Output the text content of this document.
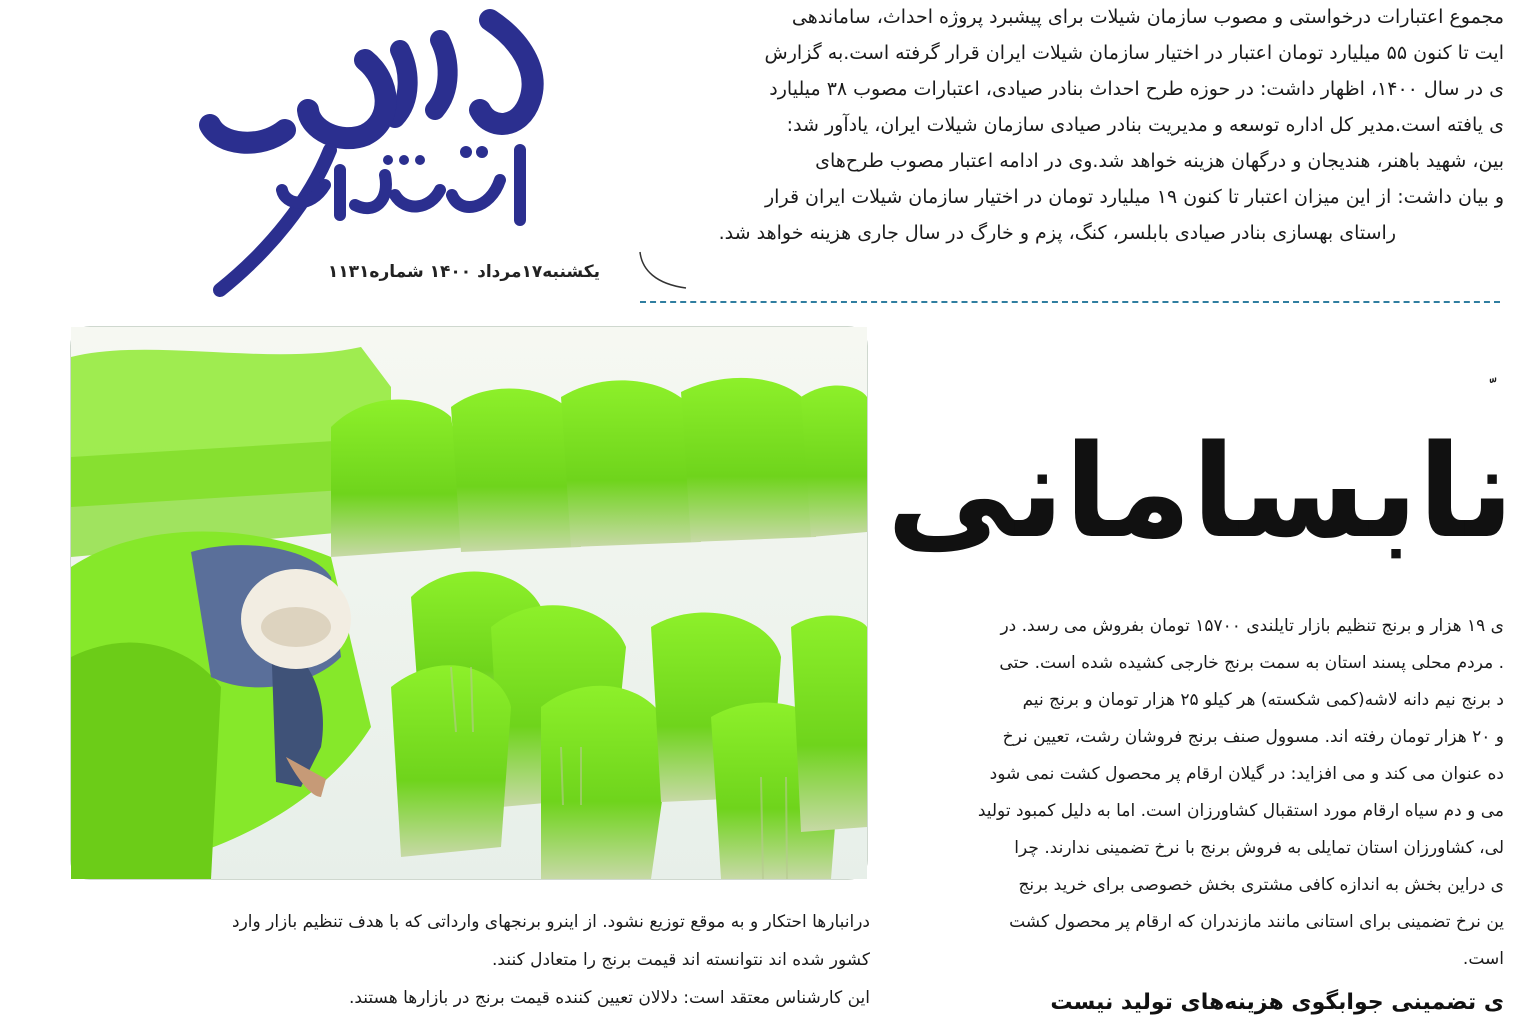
یکشنبه۱۷مرداد ۱۴۰۰ شماره۱۱۳۱
مجموع اعتبارات درخواستی و مصوب سازمان شیلات برای پیشبرد پروژه احداث، ساماندهی
ایت تا کنون ۵۵ میلیارد تومان اعتبار در اختیار سازمان شیلات ایران قرار گرفته است.به گزارش
ی در سال ۱۴۰۰، اظهار داشت: در حوزه طرح احداث بنادر صیادی، اعتبارات مصوب ۳۸ میلیارد
ی یافته است.مدیر کل اداره توسعه و مدیریت بنادر صیادی سازمان شیلات ایران، یادآور شد:
بین، شهید باهنر، هندیجان و درگهان هزینه خواهد شد.وی در ادامه اعتبار مصوب طرح‌های
و بیان داشت: از این میزان اعتبار تا کنون ۱۹ میلیارد تومان در اختیار سازمان شیلات ایران قرار
راستای بهسازی بنادر صیادی بابلسر، کنگ، پزم و خارگ در سال جاری هزینه خواهد شد.
نابسامانی
ی ۱۹ هزار و برنج تنظیم بازار تایلندی ۱۵۷۰۰ تومان بفروش می رسد. در
. مردم محلی پسند استان به سمت برنج خارجی کشیده شده است. حتی
د برنج نیم دانه لاشه(کمی شکسته) هر کیلو ۲۵ هزار تومان و برنج نیم
و ۲۰ هزار تومان رفته اند. مسوول صنف برنج فروشان رشت، تعیین نرخ
ده عنوان می کند و می افزاید: در گیلان ارقام پر محصول کشت نمی شود
می و دم سیاه ارقام مورد استقبال کشاورزان است. اما به دلیل کمبود تولید
لی، کشاورزان استان تمایلی به فروش برنج با نرخ تضمینی ندارند. چرا
ی دراین بخش به اندازه کافی مشتری بخش خصوصی برای خرید برنج
ین نرخ تضمینی برای استانی مانند مازندران که ارقام پر محصول کشت
است.
ی تضمینی جوابگوی هزینه‌های تولید نیست
درانبارها احتکار و به موقع توزیع نشود. از اینرو برنجهای وارداتی که با هدف تنظیم بازار وارد
کشور شده اند نتوانسته اند قیمت برنج را متعادل کنند.
این کارشناس معتقد است: دلالان تعیین کننده قیمت برنج در بازارها هستند.
